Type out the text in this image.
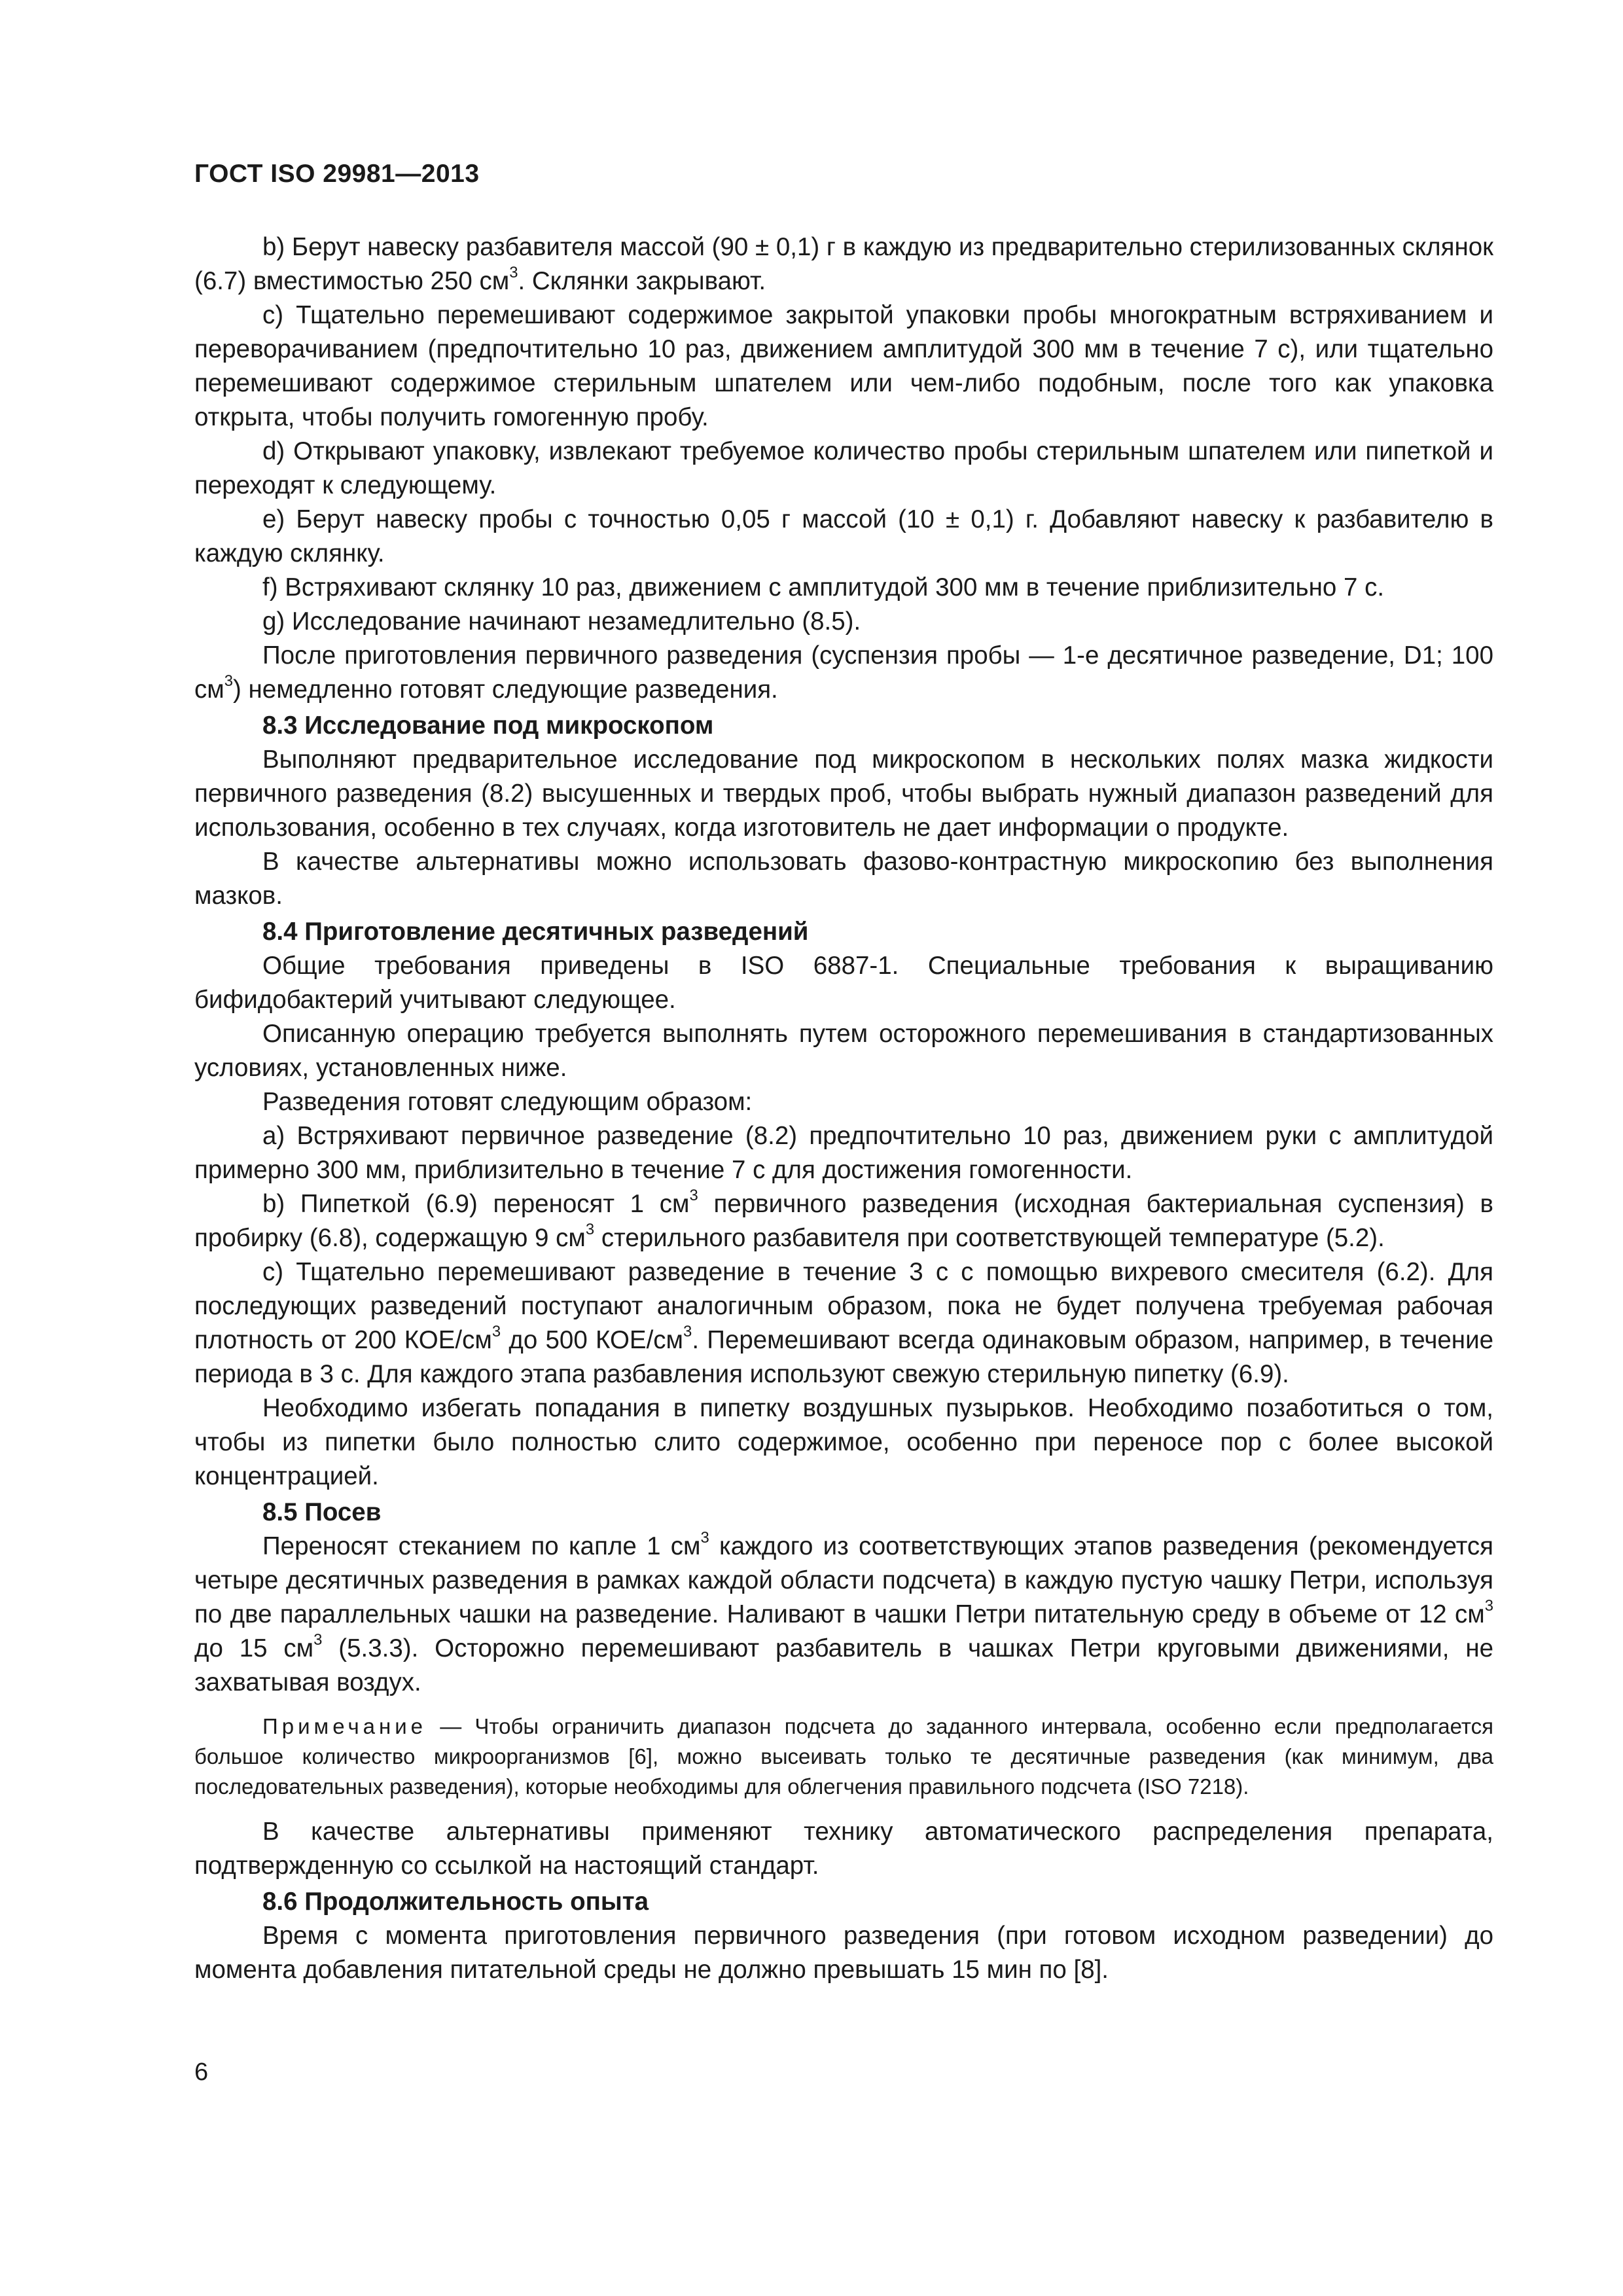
ГОСТ ISO 29981—2013

b) Берут навеску разбавителя массой (90 ± 0,1) г в каждую из предварительно стерилизованных склянок (6.7) вместимостью 250 $см^3$. Склянки закрывают.

с) Тщательно перемешивают содержимое закрытой упаковки пробы многократным встряхиванием и переворачиванием (предпочтительно 10 раз, движением амплитудой 300 мм в течение 7 с), или тщательно перемешивают содержимое стерильным шпателем или чем-либо подобным, после того как упаковка открыта, чтобы получить гомогенную пробу.

d) Открывают упаковку, извлекают требуемое количество пробы стерильным шпателем или пипеткой и переходят к следующему.

е) Берут навеску пробы с точностью 0,05 г массой (10 ± 0,1) г. Добавляют навеску к разбавителю в каждую склянку.

f) Встряхивают склянку 10 раз, движением с амплитудой 300 мм в течение приблизительно 7 с.

g) Исследование начинают незамедлительно (8.5).

После приготовления первичного разведения (суспензия пробы — 1-е десятичное разведение, D1; 100 $см^3$) немедленно готовят следующие разведения.

8.3 Исследование под микроскопом

Выполняют предварительное исследование под микроскопом в нескольких полях мазка жидкости первичного разведения (8.2) высушенных и твердых проб, чтобы выбрать нужный диапазон разведений для использования, особенно в тех случаях, когда изготовитель не дает информации о продукте.

В качестве альтернативы можно использовать фазово-контрастную микроскопию без выполнения мазков.

8.4 Приготовление десятичных разведений

Общие требования приведены в ISO 6887-1. Специальные требования к выращиванию бифидобактерий учитывают следующее.

Описанную операцию требуется выполнять путем осторожного перемешивания в стандартизованных условиях, установленных ниже.

Разведения готовят следующим образом:

а) Встряхивают первичное разведение (8.2) предпочтительно 10 раз, движением руки с амплитудой примерно 300 мм, приблизительно в течение 7 с для достижения гомогенности.

b) Пипеткой (6.9) переносят 1 $см^3$ первичного разведения (исходная бактериальная суспензия) в пробирку (6.8), содержащую 9 $см^3$ стерильного разбавителя при соответствующей температуре (5.2).

с) Тщательно перемешивают разведение в течение 3 с с помощью вихревого смесителя (6.2). Для последующих разведений поступают аналогичным образом, пока не будет получена требуемая рабочая плотность от 200 КОЕ/$см^3$ до 500 КОЕ/$см^3$. Перемешивают всегда одинаковым образом, например, в течение периода в 3 с. Для каждого этапа разбавления используют свежую стерильную пипетку (6.9).

Необходимо избегать попадания в пипетку воздушных пузырьков. Необходимо позаботиться о том, чтобы из пипетки было полностью слито содержимое, особенно при переносе пор с более высокой концентрацией.

8.5 Посев

Переносят стеканием по капле 1 $см^3$ каждого из соответствующих этапов разведения (рекомендуется четыре десятичных разведения в рамках каждой области подсчета) в каждую пустую чашку Петри, используя по две параллельных чашки на разведение. Наливают в чашки Петри питательную среду в объеме от 12 $см^3$ до 15 $см^3$ (5.3.3). Осторожно перемешивают разбавитель в чашках Петри круговыми движениями, не захватывая воздух.

Примечание — Чтобы ограничить диапазон подсчета до заданного интервала, особенно если предполагается большое количество микроорганизмов [6], можно высеивать только те десятичные разведения (как минимум, два последовательных разведения), которые необходимы для облегчения правильного подсчета (ISO 7218).

В качестве альтернативы применяют технику автоматического распределения препарата, подтвержденную со ссылкой на настоящий стандарт.

8.6 Продолжительность опыта

Время с момента приготовления первичного разведения (при готовом исходном разведении) до момента добавления питательной среды не должно превышать 15 мин по [8].

6
